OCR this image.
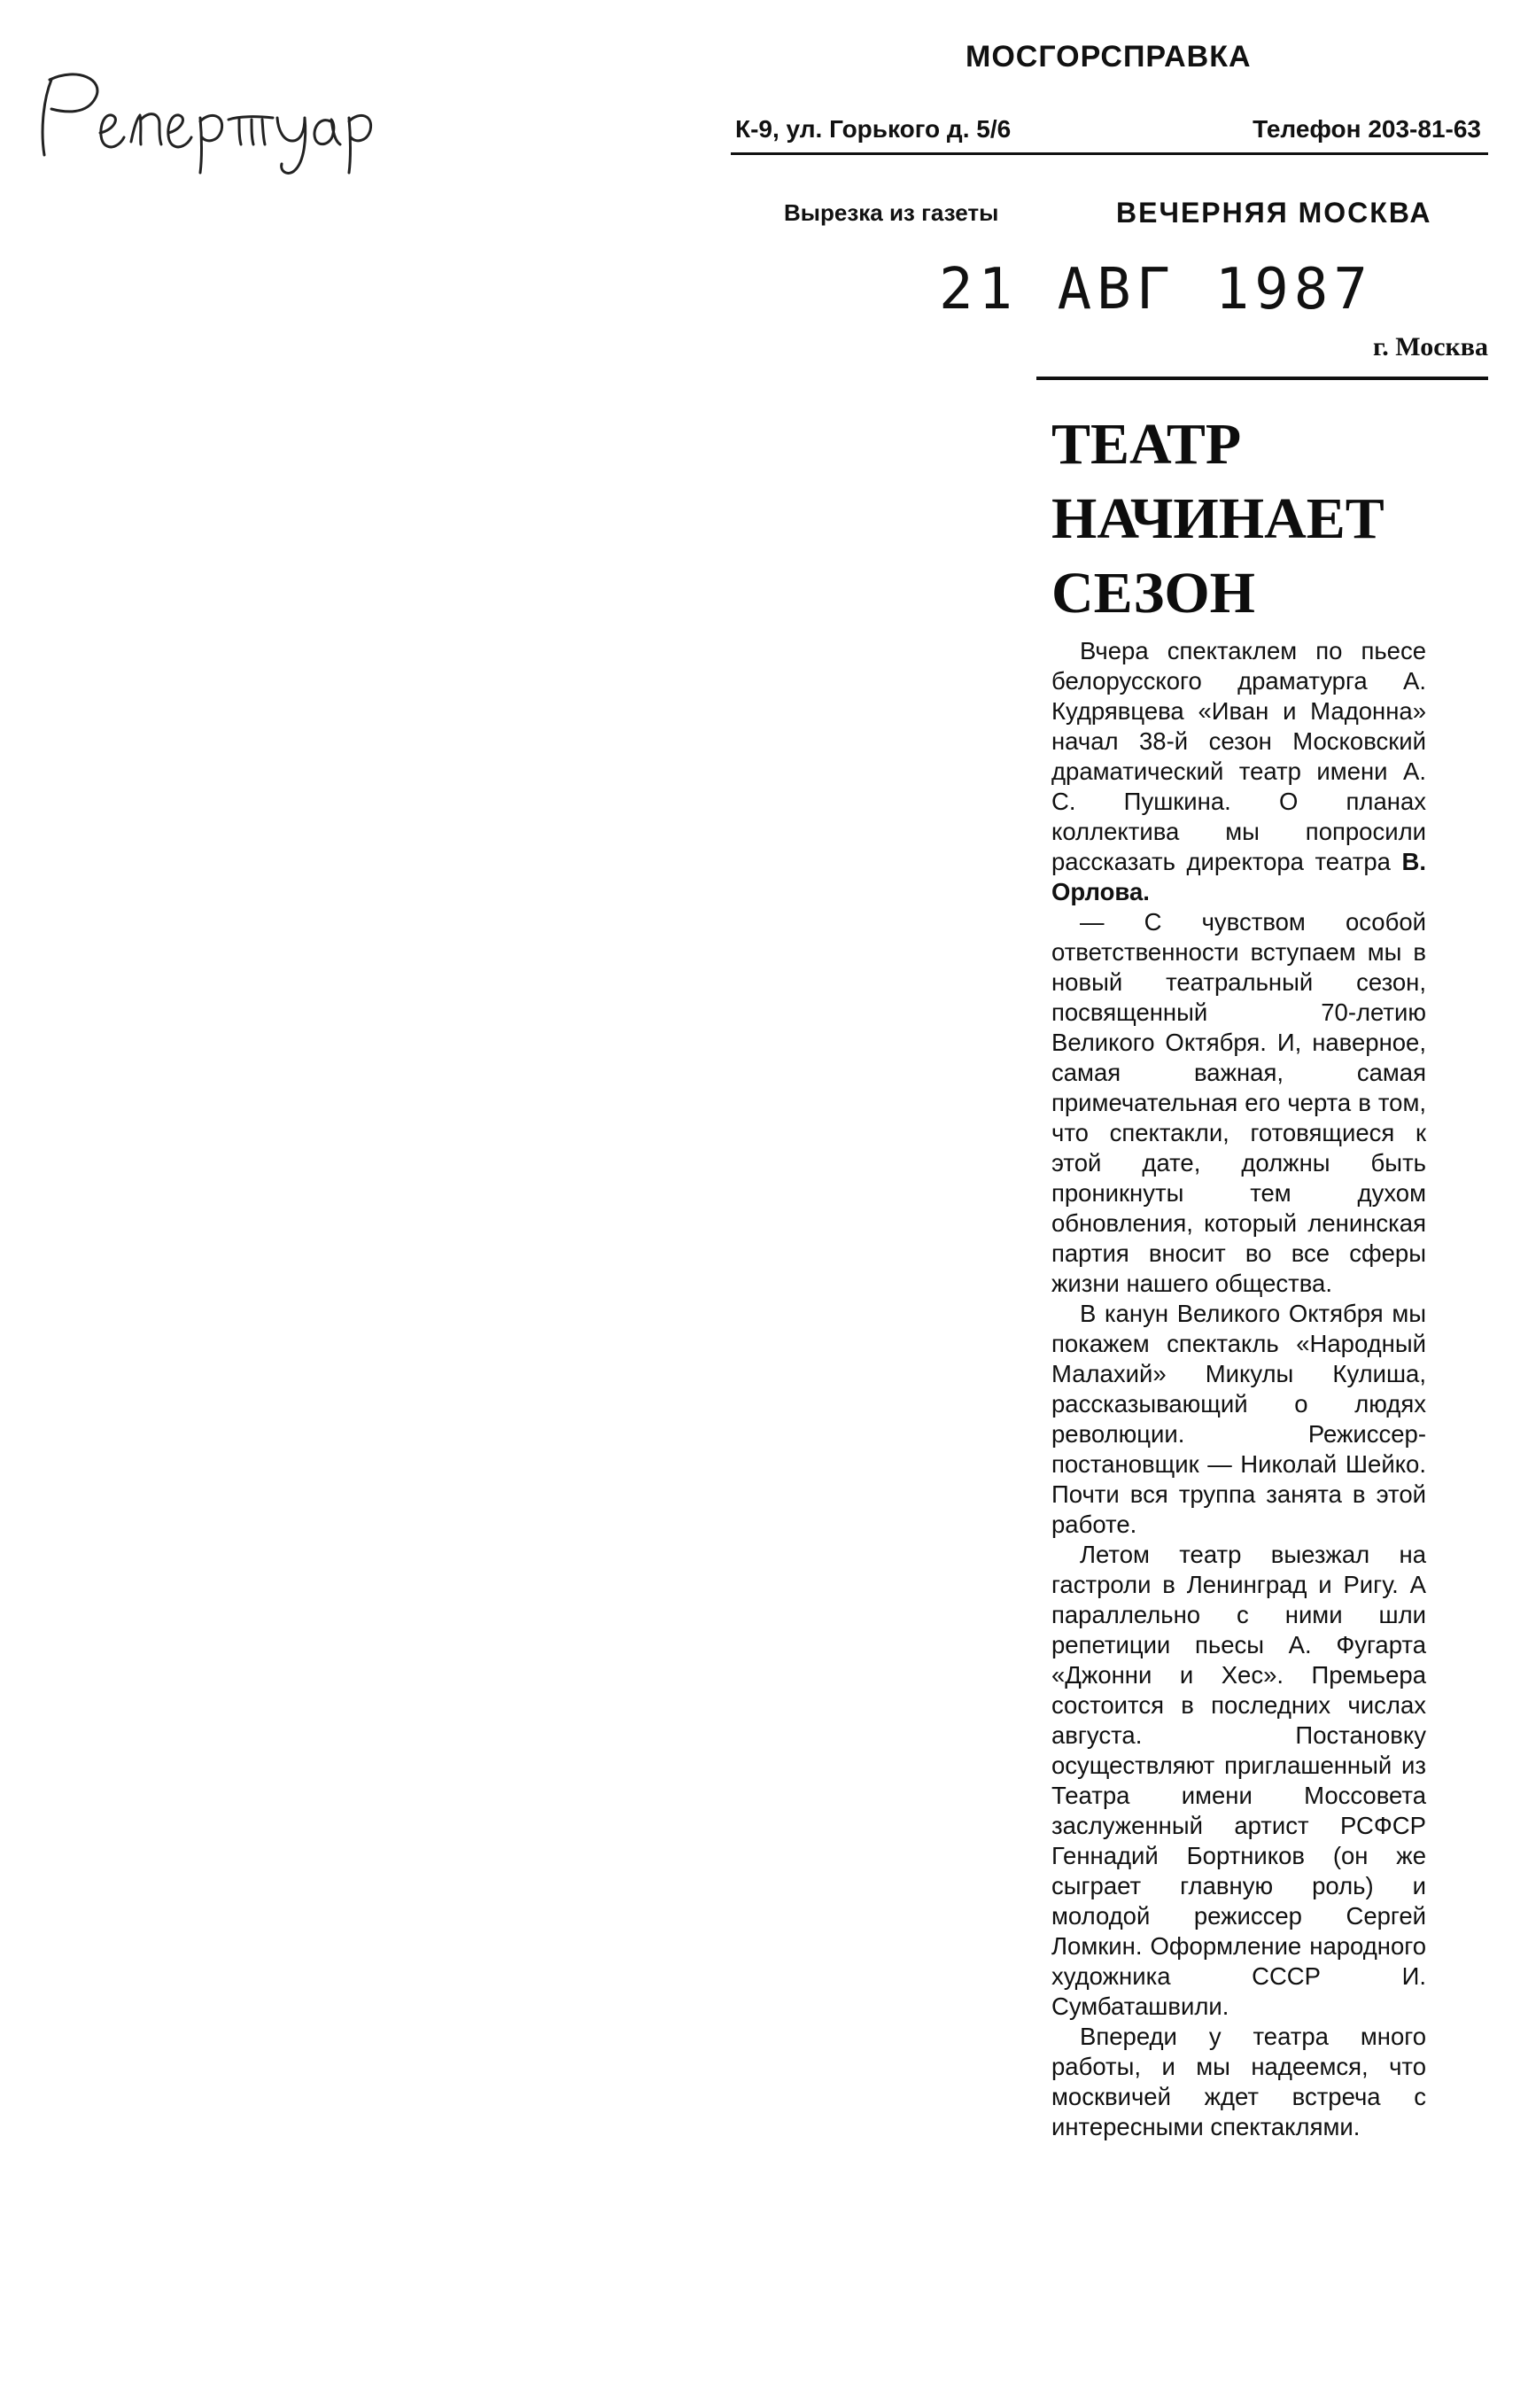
МОСГОРСПРАВКА
К-9, ул. Горького д. 5/6	Телефон 203-81-63
Вырезка из газеты	ВЕЧЕРНЯЯ МОСКВА
21 АВГ 1987
г. Москва
ТЕАТР
НАЧИНАЕТ
СЕЗОН

Вчера спектаклем по пьесе белорусского драматурга А. Кудрявцева «Иван и Мадонна» начал 38-й сезон Московский драматический театр имени А. С. Пушкина. О планах коллектива мы попросили рассказать директора театра В. Орлова.

— С чувством особой ответственности вступаем мы в новый театральный сезон, посвященный 70-летию Великого Октября. И, наверное, самая важная, самая примечательная его черта в том, что спектакли, готовящиеся к этой дате, должны быть проникнуты тем духом обновления, который ленинская партия вносит во все сферы жизни нашего общества.

В канун Великого Октября мы покажем спектакль «Народный Малахий» Микулы Кулиша, рассказывающий о людях революции. Режиссер-постановщик — Николай Шейко. Почти вся труппа занята в этой работе.

Летом театр выезжал на гастроли в Ленинград и Ригу. А параллельно с ними шли репетиции пьесы А. Фугарта «Джонни и Хес». Премьера состоится в последних числах августа. Постановку осуществляют приглашенный из Театра имени Моссовета заслуженный артист РСФСР Геннадий Бортников (он же сыграет главную роль) и молодой режиссер Сергей Ломкин. Оформление народного художника СССР И. Сумбаташвили.

Впереди у театра много работы, и мы надеемся, что москвичей ждет встреча с интересными спектаклями.
